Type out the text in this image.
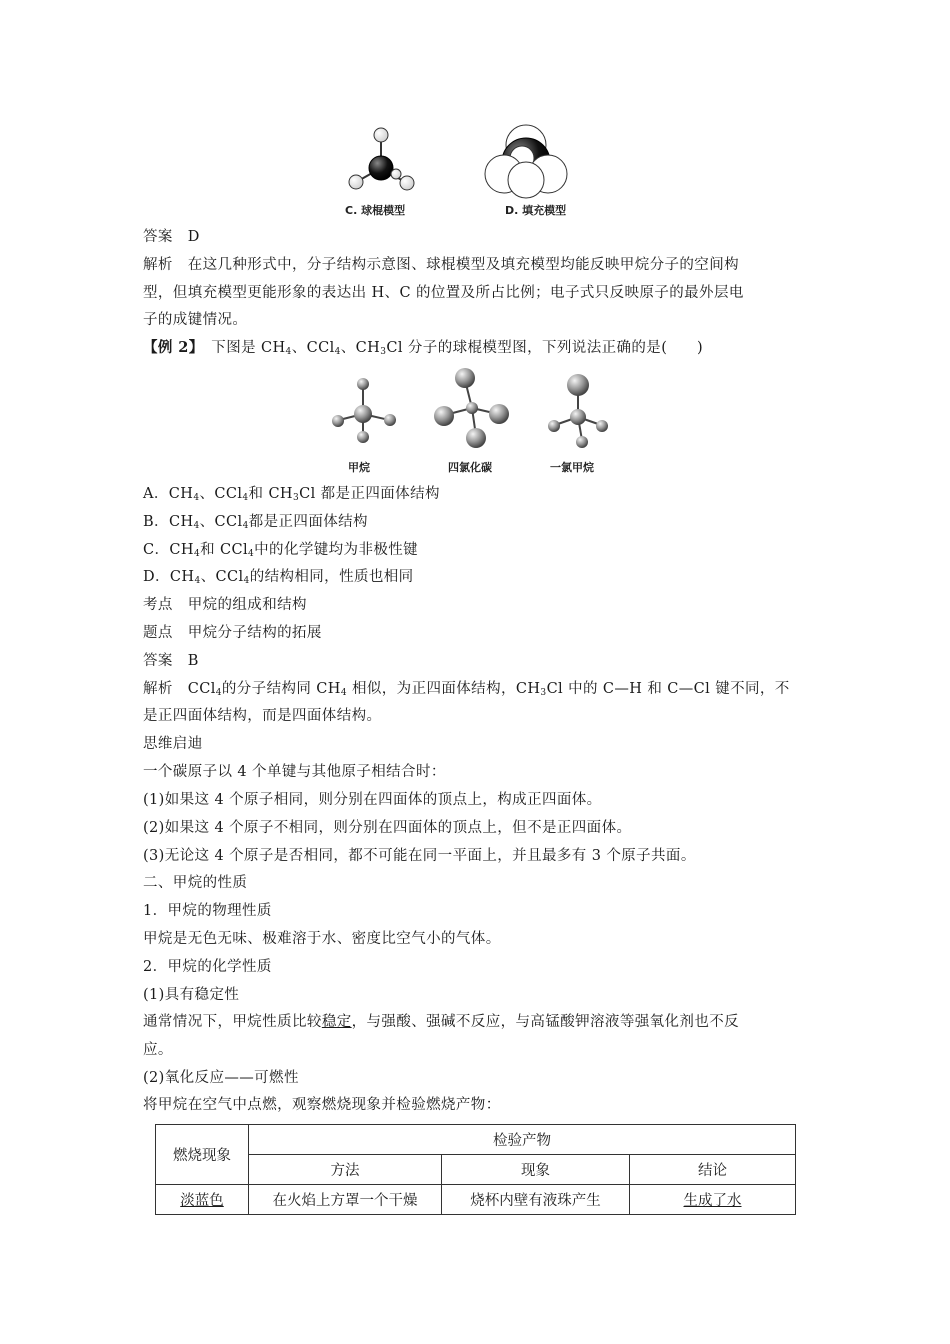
C. 球棍模型	D. 填充模型
答案　D
解析　在这几种形式中，分子结构示意图、球棍模型及填充模型均能反映甲烷分子的空间构
型，但填充模型更能形象的表达出 H、C 的位置及所占比例；电子式只反映原子的最外层电
子的成键情况。
【例 2】　下图是 $CH_4$、CCl$_4$、$CH_3Cl$ 分子的球棍模型图，下列说法正确的是(　　)
甲烷	四氯化碳	一氯甲烷
A．$CH_4$、CCl$_4$和 $CH_3Cl$ 都是正四面体结构
B．$CH_4$、CCl$_4$都是正四面体结构
C．$CH_4$和 CCl$_4$中的化学键均为非极性键
D．$CH_4$、CCl$_4$的结构相同，性质也相同
考点　甲烷的组成和结构
题点　甲烷分子结构的拓展
答案　B
解析　CCl$_4$的分子结构同 $CH_4$ 相似，为正四面体结构，$CH_3Cl$ 中的 C—H 和 C—Cl 键不同，不
是正四面体结构，而是四面体结构。
思维启迪
一个碳原子以 4 个单键与其他原子相结合时：
(1)如果这 4 个原子相同，则分别在四面体的顶点上，构成正四面体。
(2)如果这 4 个原子不相同，则分别在四面体的顶点上，但不是正四面体。
(3)无论这 4 个原子是否相同，都不可能在同一平面上，并且最多有 3 个原子共面。
二、甲烷的性质
1．甲烷的物理性质
甲烷是无色无味、极难溶于水、密度比空气小的气体。
2．甲烷的化学性质
(1)具有稳定性
通常情况下，甲烷性质比较稳定，与强酸、强碱不反应，与高锰酸钾溶液等强氧化剂也不反
应。
(2)氧化反应——可燃性
将甲烷在空气中点燃，观察燃烧现象并检验燃烧产物：
燃烧现象	检验产物		
	方法	现象	结论
淡蓝色	在火焰上方罩一个干燥	烧杯内壁有液珠产生	生成了水
